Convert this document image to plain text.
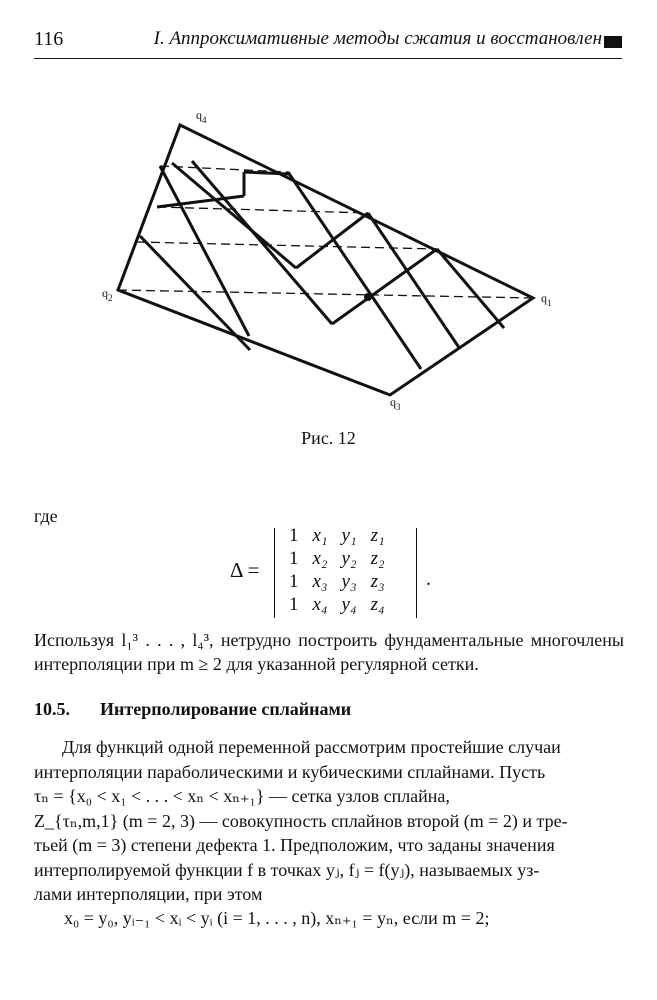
116	I. Аппроксимативные методы сжатия и восстановлен
$q_4$
$q_1$
$q_2$
$q_3$
Рис. 12
где
Δ =
1	x₁	y₁	z₁
1	x₂	y₂	z₂
1	x₃	y₃	z₃
1	x₄	y₄	z₄
.
Используя l₁³ . . . , l₄³, нетрудно построить фундаментальные многочлены интерполяции при m ≥ 2 для указанной регулярной сетки.
10.5. Интерполирование сплайнами
Для функций одной переменной рассмотрим простейшие случаи
интерполяции параболическими и кубическими сплайнами. Пусть
τₙ = {x₀ < x₁ < . . . < xₙ < xₙ₊₁} — сетка узлов сплайна,
Z_{τₙ,m,1} (m = 2, 3) — совокупность сплайнов второй (m = 2) и тре-
тьей (m = 3) степени дефекта 1. Предположим, что заданы значения
интерполируемой функции f в точках yⱼ, fⱼ = f(yⱼ), называемых уз-
лами интерполяции, при этом
x₀ = y₀, yᵢ₋₁ < xᵢ < yᵢ (i = 1, . . . , n), xₙ₊₁ = yₙ, если m = 2;
